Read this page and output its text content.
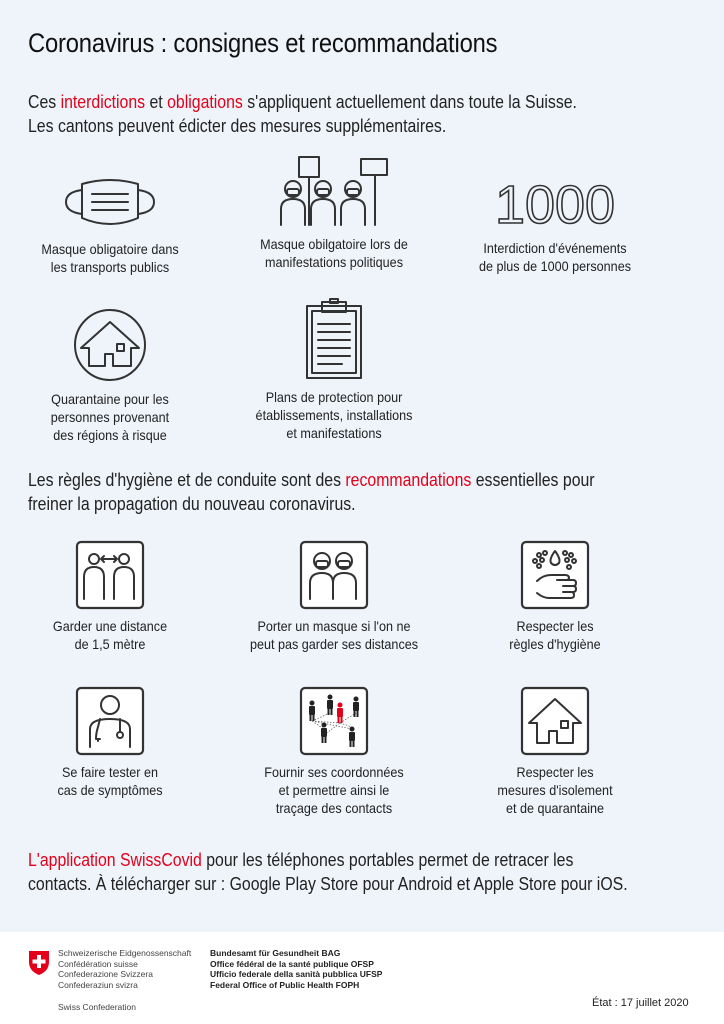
Coronavirus : consignes et recommandations

Ces interdictions et obligations s'appliquent actuellement dans toute la Suisse.
Les cantons peuvent édicter des mesures supplémentaires.

Masque obligatoire dans
les transports publics
Masque obilgatoire lors de
manifestations politiques
1000
Interdiction d'événements
de plus de 1000 personnes
Quarantaine pour les
personnes provenant
des régions à risque
Plans de protection pour
établissements, installations
et manifestations

Les règles d'hygiène et de conduite sont des recommandations essentielles pour
freiner la propagation du nouveau coronavirus.

Garder une distance
de 1,5 mètre
Porter un masque si l'on ne
peut pas garder ses distances
Respecter les
règles d'hygiène
Se faire tester en
cas de symptômes
Fournir ses coordonnées
et permettre ainsi le
traçage des contacts
Respecter les
mesures d'isolement
et de quarantaine

L'application SwissCovid pour les téléphones portables permet de retracer les
contacts. À télécharger sur : Google Play Store pour Android et Apple Store pour iOS.

Schweizerische Eidgenossenschaft
Confédération suisse
Confederazione Svizzera
Confederaziun svizra
Swiss Confederation
Bundesamt für Gesundheit BAG
Office fédéral de la santé publique OFSP
Ufficio federale della sanità pubblica UFSP
Federal Office of Public Health FOPH
État : 17 juillet 2020
